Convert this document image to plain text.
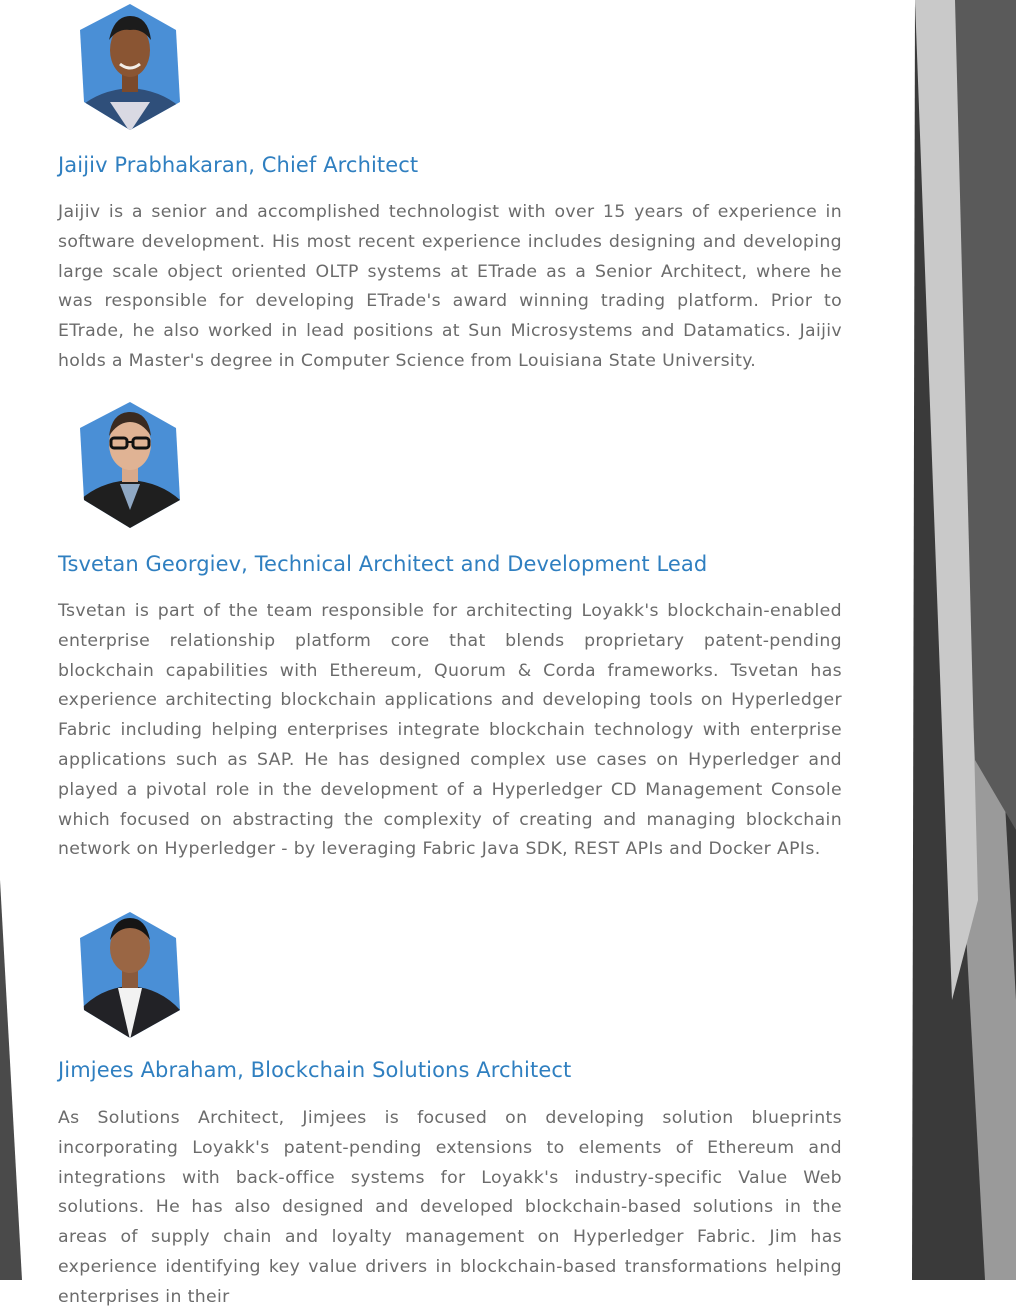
Jaijiv Prabhakaran, Chief Architect

Jaijiv is a senior and accomplished technologist with over 15 years of experience in software development. His most recent experience includes designing and developing large scale object oriented OLTP systems at ETrade as a Senior Architect, where he was responsible for developing ETrade's award winning trading platform. Prior to ETrade, he also worked in lead positions at Sun Microsystems and Datamatics. Jaijiv holds a Master's degree in Computer Science from Louisiana State University.

Tsvetan Georgiev, Technical Architect and Development Lead

Tsvetan is part of the team responsible for architecting Loyakk's blockchain-enabled enterprise relationship platform core that blends proprietary patent-pending blockchain capabilities with Ethereum, Quorum & Corda frameworks. Tsvetan has experience architecting blockchain applications and developing tools on Hyperledger Fabric including helping enterprises integrate blockchain technology with enterprise applications such as SAP. He has designed complex use cases on Hyperledger and played a pivotal role in the development of a Hyperledger CD Management Console which focused on abstracting the complexity of creating and managing blockchain network on Hyperledger - by leveraging Fabric Java SDK, REST APIs and Docker APIs.

Jimjees Abraham, Blockchain Solutions Architect

As Solutions Architect, Jimjees is focused on developing solution blueprints incorporating Loyakk's patent-pending extensions to elements of Ethereum and integrations with back-office systems for Loyakk's industry-specific Value Web solutions. He has also designed and developed blockchain-based solutions in the areas of supply chain and loyalty management on Hyperledger Fabric. Jim has experience identifying key value drivers in blockchain-based transformations helping enterprises in their
